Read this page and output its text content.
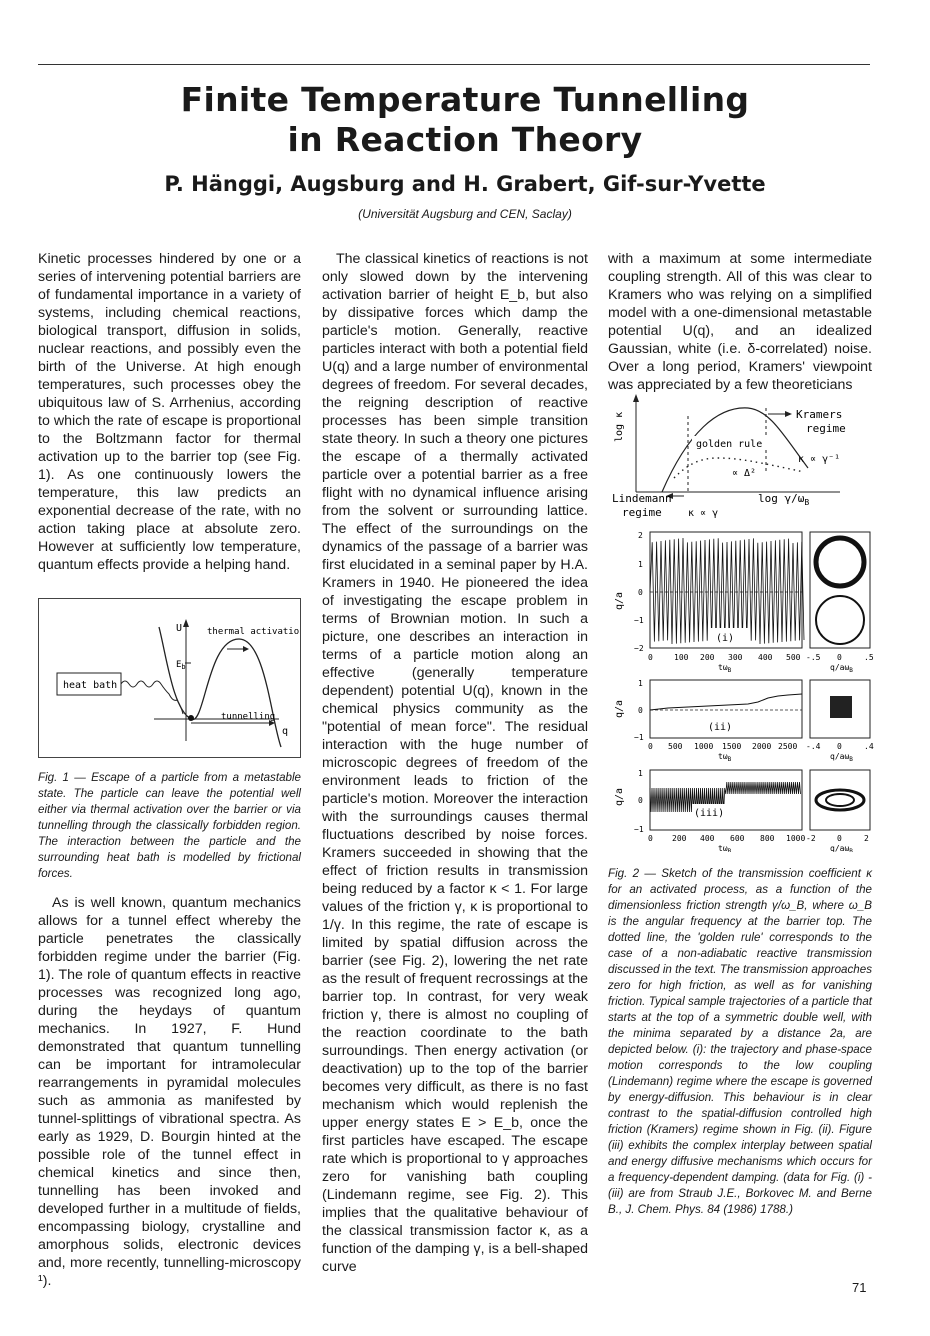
Finite Temperature Tunnelling
in Reaction Theory
P. Hänggi, Augsburg and H. Grabert, Gif-sur-Yvette
(Universität Augsburg and CEN, Saclay)

Kinetic processes hindered by one or a series of intervening potential barriers are of fundamental importance in a variety of systems, including chemical reactions, biological transport, diffusion in solids, nuclear reactions, and possibly even the birth of the Universe. At high enough temperatures, such processes obey the ubiquitous law of S. Arrhenius, according to which the rate of escape is proportional to the Boltzmann factor for thermal activation up to the barrier top (see Fig. 1). As one continuously lowers the temperature, this law predicts an exponential decrease of the rate, with no action taking place at absolute zero. However at sufficiently low temperature, quantum effects provide a helping hand.

U
q
$E_b$
heat bath
thermal activation
tunnelling
Fig. 1 — Escape of a particle from a metastable state. The particle can leave the potential well either via thermal activation over the barrier or via tunnelling through the classically forbidden region. The interaction between the particle and the surrounding heat bath is modelled by frictional forces.

As is well known, quantum mechanics allows for a tunnel effect whereby the particle penetrates the classically forbidden regime under the barrier (Fig. 1). The role of quantum effects in reactive processes was recognized long ago, during the heydays of quantum mechanics. In 1927, F. Hund demonstrated that quantum tunnelling can be important for intramolecular rearrangements in pyramidal molecules such as ammonia as manifested by tunnel-splittings of vibrational spectra. As early as 1929, D. Bourgin hinted at the possible role of the tunnel effect in chemical kinetics and since then, tunnelling has been invoked and developed further in a multitude of fields, encompassing biology, crystalline and amorphous solids, electronic devices and, more recently, tunnelling-microscopy ¹).

The classical kinetics of reactions is not only slowed down by the intervening activation barrier of height E_b, but also by dissipative forces which damp the particle's motion. Generally, reactive particles interact with both a potential field U(q) and a large number of environmental degrees of freedom. For several decades, the reigning description of reactive processes has been simple transition state theory. In such a theory one pictures the escape of a thermally activated particle over a potential barrier as a free flight with no dynamical influence arising from the solvent or surrounding lattice. The effect of the surroundings on the dynamics of the passage of a barrier was first elucidated in a seminal paper by H.A. Kramers in 1940. He pioneered the idea of investigating the escape problem in terms of Brownian motion. In such a picture, one describes an interaction in terms of a particle motion along an effective (generally temperature dependent) potential U(q), known in the chemical physics community as the "potential of mean force". The residual interaction with the huge number of microscopic degrees of freedom of the environment leads to friction of the particle's motion. Moreover the interaction with the surroundings causes thermal fluctuations described by noise forces. Kramers succeeded in showing that the effect of friction results in transmission being reduced by a factor κ < 1. For large values of the friction γ, κ is proportional to 1/γ. In this regime, the rate of escape is limited by spatial diffusion across the barrier (see Fig. 2), lowering the net rate as the result of frequent recrossings at the barrier top. In contrast, for very weak friction γ, there is almost no coupling of the reaction coordinate to the bath surroundings. Then energy activation (or deactivation) up to the top of the barrier becomes very difficult, as there is no fast mechanism which would replenish the upper energy states E > E_b, once the first particles have escaped. The escape rate which is proportional to γ approaches zero for vanishing bath coupling (Lindemann regime, see Fig. 2). This implies that the qualitative behaviour of the classical transmission factor κ, as a function of the damping γ, is a bell-shaped curve

with a maximum at some intermediate coupling strength. All of this was clear to Kramers who was relying on a simplified model with a one-dimensional metastable potential U(q), and an idealized Gaussian, white (i.e. δ-correlated) noise. Over a long period, Kramers' viewpoint was appreciated by a few theoreticians

log κ
golden rule
∝ Δ²
Kramers
regime
κ ∝ γ⁻¹
Lindemann
regime	κ ∝ γ
$\log \gamma/\omega_B$
q/a
2
1
0
−1
−2
(i)
0	100 200 300 400 500
$t\omega_B$
-.5 0	.5
$q/a\omega_B$
q/a
1
0
−1
(ii)
0 500 1000 1500 2000 2500
$t\omega_B$
-.4 0	.4
$q/a\omega_B$
q/a
1
0
−1
(iii)
0 200 400 600 800 1000
$t\omega_B$
-2	0	2
$q/a\omega_B$
Fig. 2 — Sketch of the transmission coefficient κ for an activated process, as a function of the dimensionless friction strength γ/ω_B, where ω_B is the angular frequency at the barrier top. The dotted line, the 'golden rule' corresponds to the case of a non-adiabatic reactive transmission discussed in the text. The transmission approaches zero for high friction, as well as for vanishing friction. Typical sample trajectories of a particle that starts at the top of a symmetric double well, with the minima separated by a distance 2a, are depicted below. (i): the trajectory and phase-space motion corresponds to the low coupling (Lindemann) regime where the escape is governed by energy-diffusion. This behaviour is in clear contrast to the spatial-diffusion controlled high friction (Kramers) regime shown in Fig. (ii). Figure (iii) exhibits the complex interplay between spatial and energy diffusive mechanisms which occurs for a frequency-dependent damping. (data for Fig. (i) - (iii) are from Straub J.E., Borkovec M. and Berne B., J. Chem. Phys. 84 (1986) 1788.)
71
